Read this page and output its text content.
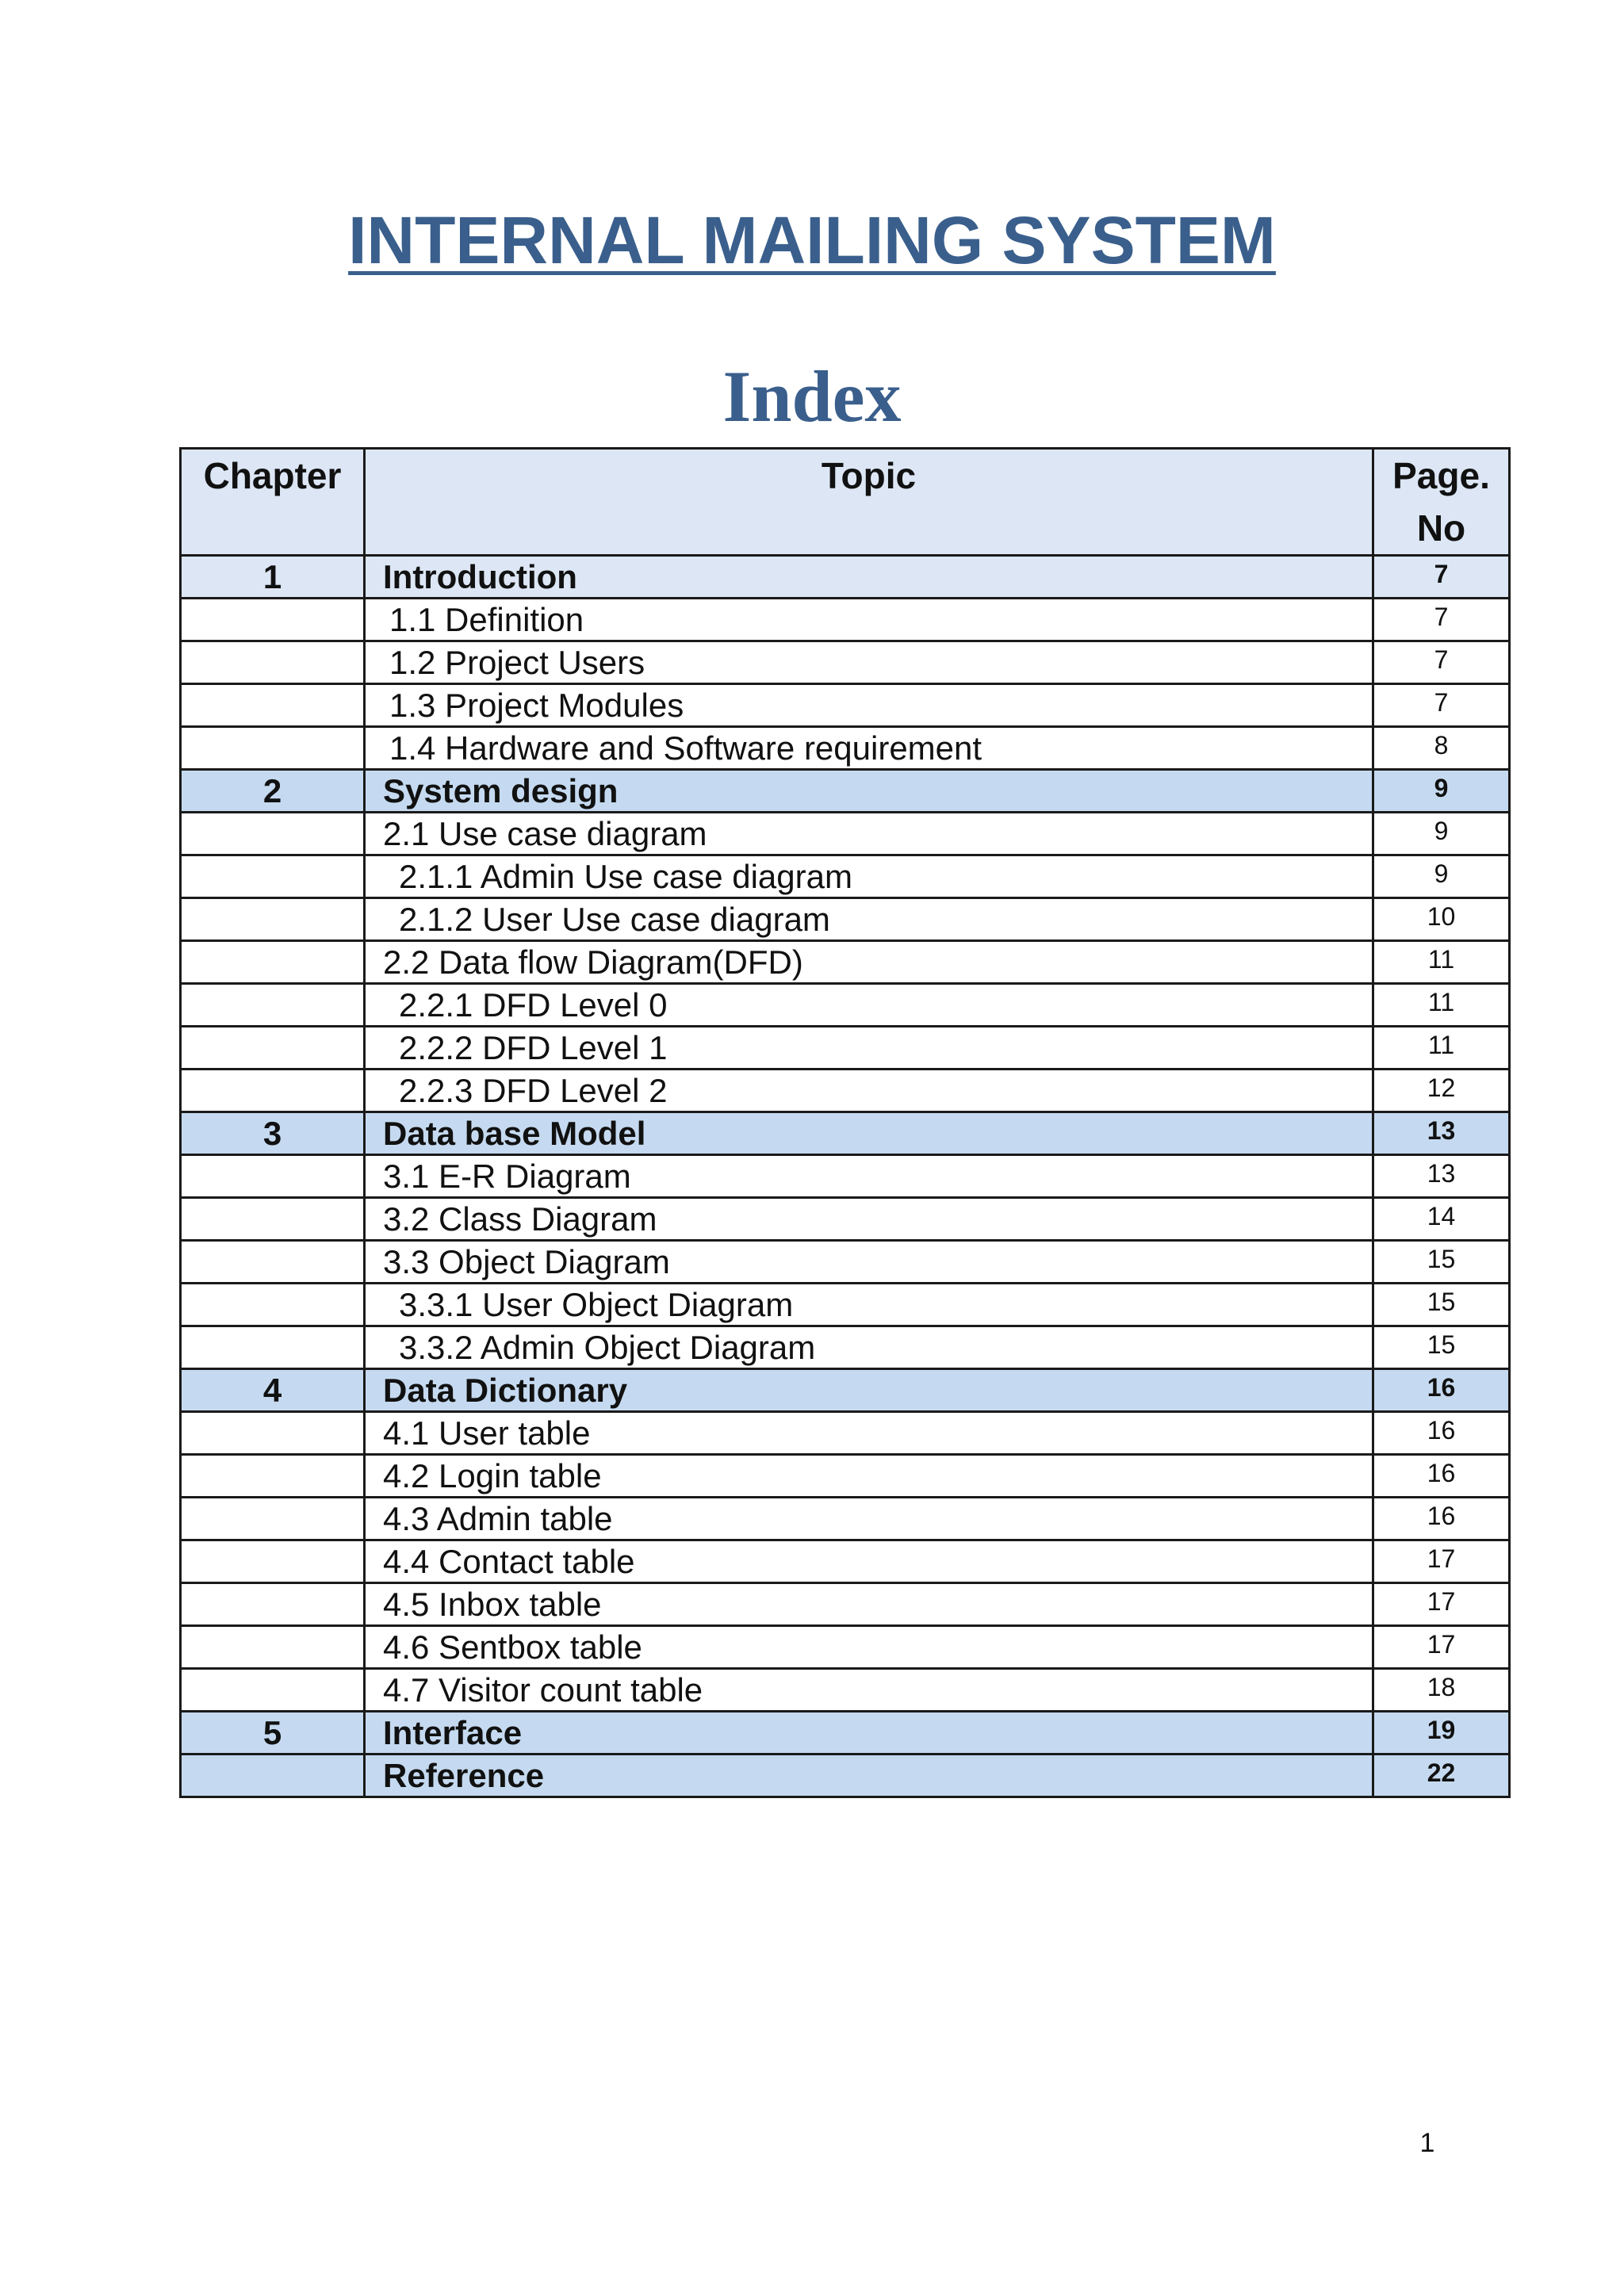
INTERNAL MAILING SYSTEM
Index
Chapter	Topic	Page.
No

1	Introduction	7
	1.1 Definition	7
	1.2 Project Users	7
	1.3 Project Modules	7
	1.4 Hardware and Software requirement	8
2	System design	9
	2.1 Use case diagram	9
	2.1.1 Admin Use case diagram	9
	2.1.2 User Use case diagram	10
	2.2 Data flow Diagram(DFD)	11
	2.2.1 DFD Level 0	11
	2.2.2 DFD Level 1	11
	2.2.3 DFD Level 2	12
3	Data base Model	13
	3.1 E-R Diagram	13
	3.2 Class Diagram	14
	3.3 Object Diagram	15
	3.3.1 User Object Diagram	15
	3.3.2 Admin Object Diagram	15
4	Data Dictionary	16
	4.1 User table	16
	4.2 Login table	16
	4.3 Admin table	16
	4.4 Contact table	17
	4.5 Inbox table	17
	4.6 Sentbox table	17
	4.7 Visitor count table	18
5	Interface	19
	Reference	22
1
